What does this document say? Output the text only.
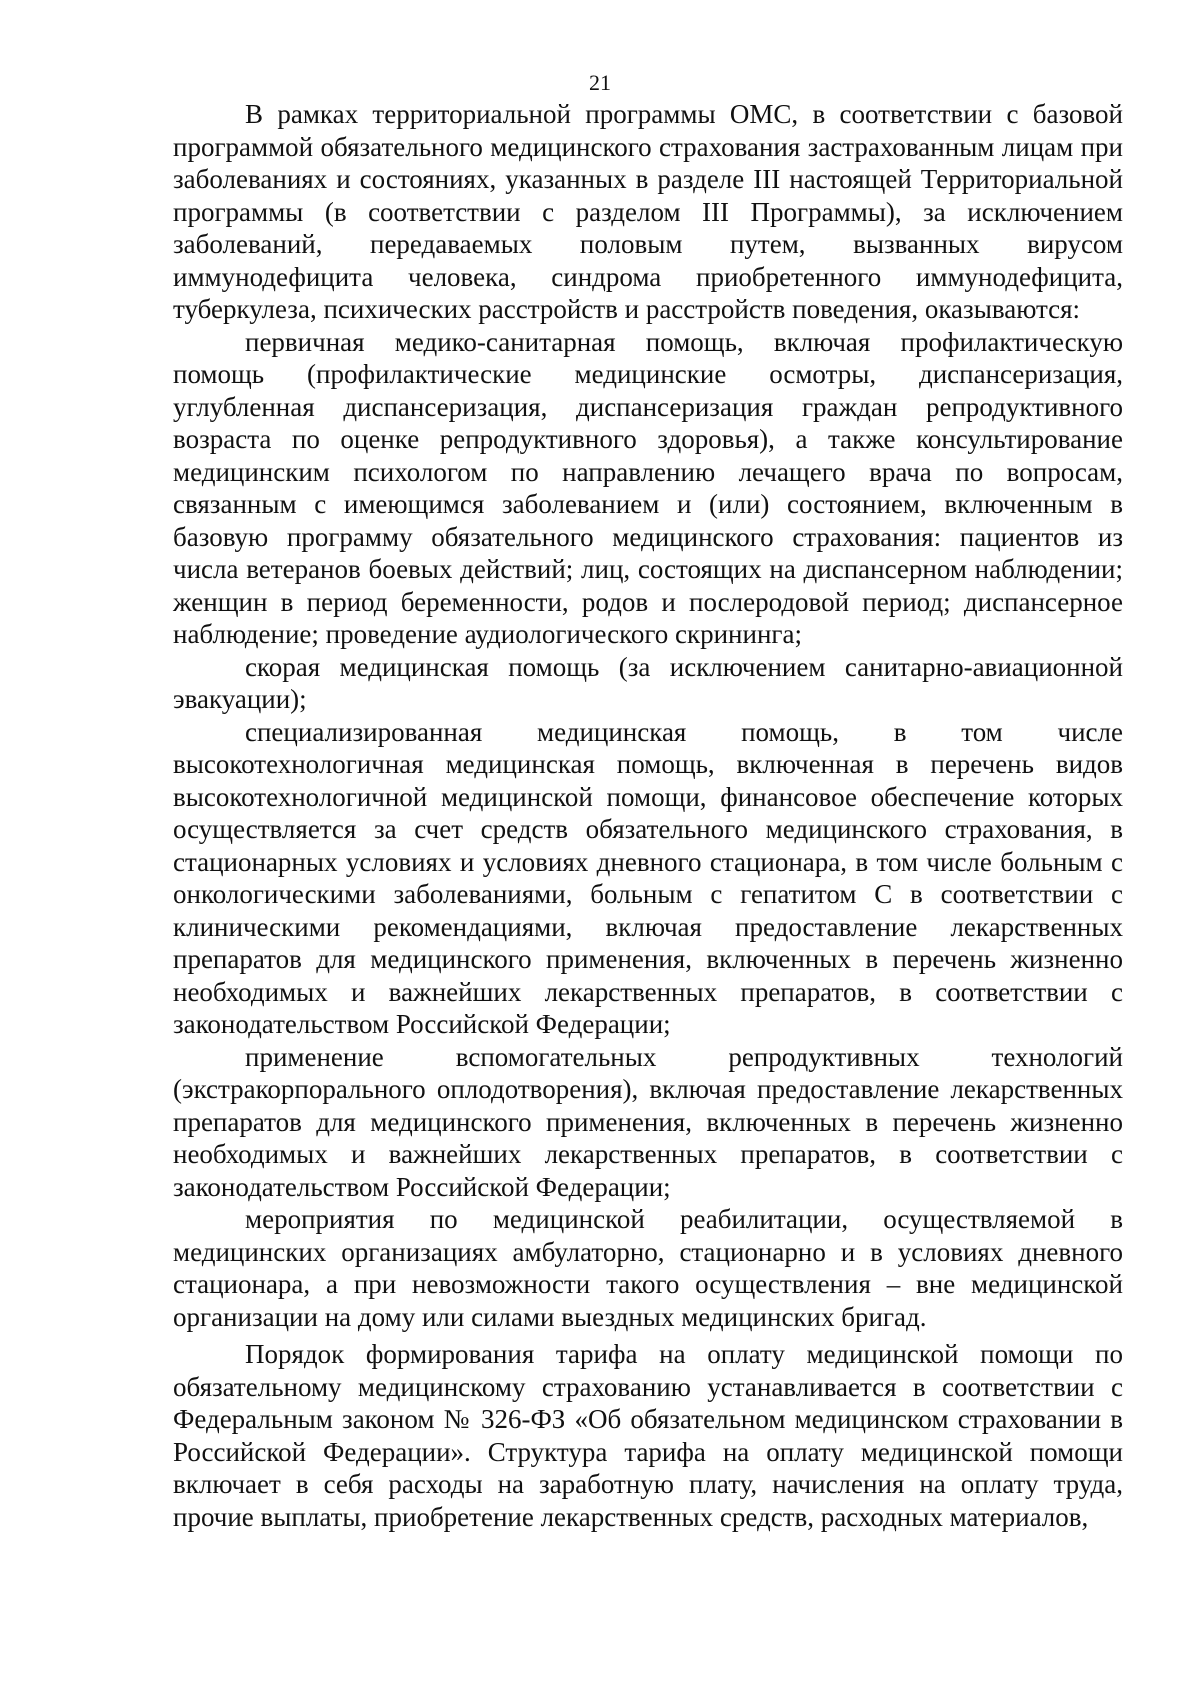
21

В рамках территориальной программы ОМС, в соответствии с базовой программой обязательного медицинского страхования застрахованным лицам при заболеваниях и состояниях, указанных в разделе III настоящей Территориальной программы (в соответствии с разделом III Программы), за исключением заболеваний, передаваемых половым путем, вызванных вирусом иммунодефицита человека, синдрома приобретенного иммунодефицита, туберкулеза, психических расстройств и расстройств поведения, оказываются:

первичная медико-санитарная помощь, включая профилактическую помощь (профилактические медицинские осмотры, диспансеризация, углубленная диспансеризация, диспансеризация граждан репродуктивного возраста по оценке репродуктивного здоровья), а также консультирование медицинским психологом по направлению лечащего врача по вопросам, связанным с имеющимся заболеванием и (или) состоянием, включенным в базовую программу обязательного медицинского страхования: пациентов из числа ветеранов боевых действий; лиц, состоящих на диспансерном наблюдении; женщин в период беременности, родов и послеродовой период; диспансерное наблюдение; проведение аудиологического скрининга;

скорая медицинская помощь (за исключением санитарно-авиационной эвакуации);

специализированная медицинская помощь, в том числе высокотехнологичная медицинская помощь, включенная в перечень видов высокотехнологичной медицинской помощи, финансовое обеспечение которых осуществляется за счет средств обязательного медицинского страхования, в стационарных условиях и условиях дневного стационара, в том числе больным с онкологическими заболеваниями, больным с гепатитом С в соответствии с клиническими рекомендациями, включая предоставление лекарственных препаратов для медицинского применения, включенных в перечень жизненно необходимых и важнейших лекарственных препаратов, в соответствии с законодательством Российской Федерации;

применение вспомогательных репродуктивных технологий (экстракорпорального оплодотворения), включая предоставление лекарственных препаратов для медицинского применения, включенных в перечень жизненно необходимых и важнейших лекарственных препаратов, в соответствии с законодательством Российской Федерации;

мероприятия по медицинской реабилитации, осуществляемой в медицинских организациях амбулаторно, стационарно и в условиях дневного стационара, а при невозможности такого осуществления – вне медицинской организации на дому или силами выездных медицинских бригад.

Порядок формирования тарифа на оплату медицинской помощи по обязательному медицинскому страхованию устанавливается в соответствии с Федеральным законом № 326-ФЗ «Об обязательном медицинском страховании в Российской Федерации». Структура тарифа на оплату медицинской помощи включает в себя расходы на заработную плату, начисления на оплату труда, прочие выплаты, приобретение лекарственных средств, расходных материалов,
